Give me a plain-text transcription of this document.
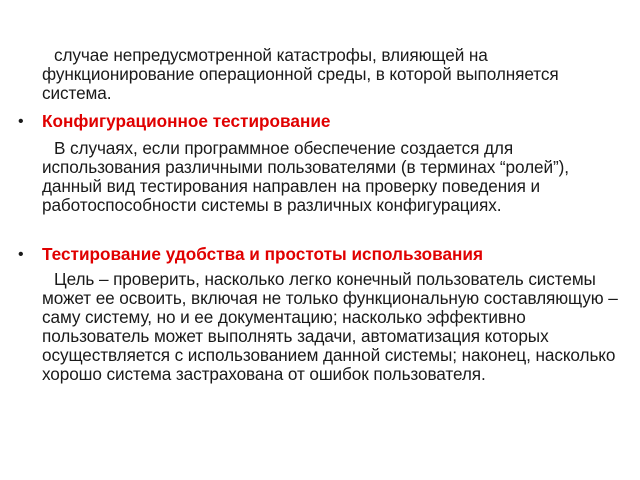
случае непредусмотренной катастрофы, влияющей на функционирование операционной среды, в которой выполняется система.

• Конфигурационное тестирование

В случаях, если программное обеспечение создается для использования различными пользователями (в терминах “ролей”), данный вид тестирования направлен на проверку поведения и работоспособности системы в различных конфигурациях.

• Тестирование удобства и простоты использования

Цель – проверить, насколько легко конечный пользователь системы может ее освоить, включая не только функциональную составляющую – саму систему, но и ее документацию; насколько эффективно пользователь может выполнять задачи, автоматизация которых осуществляется с использованием данной системы; наконец, насколько хорошо система застрахована от ошибок пользователя.
